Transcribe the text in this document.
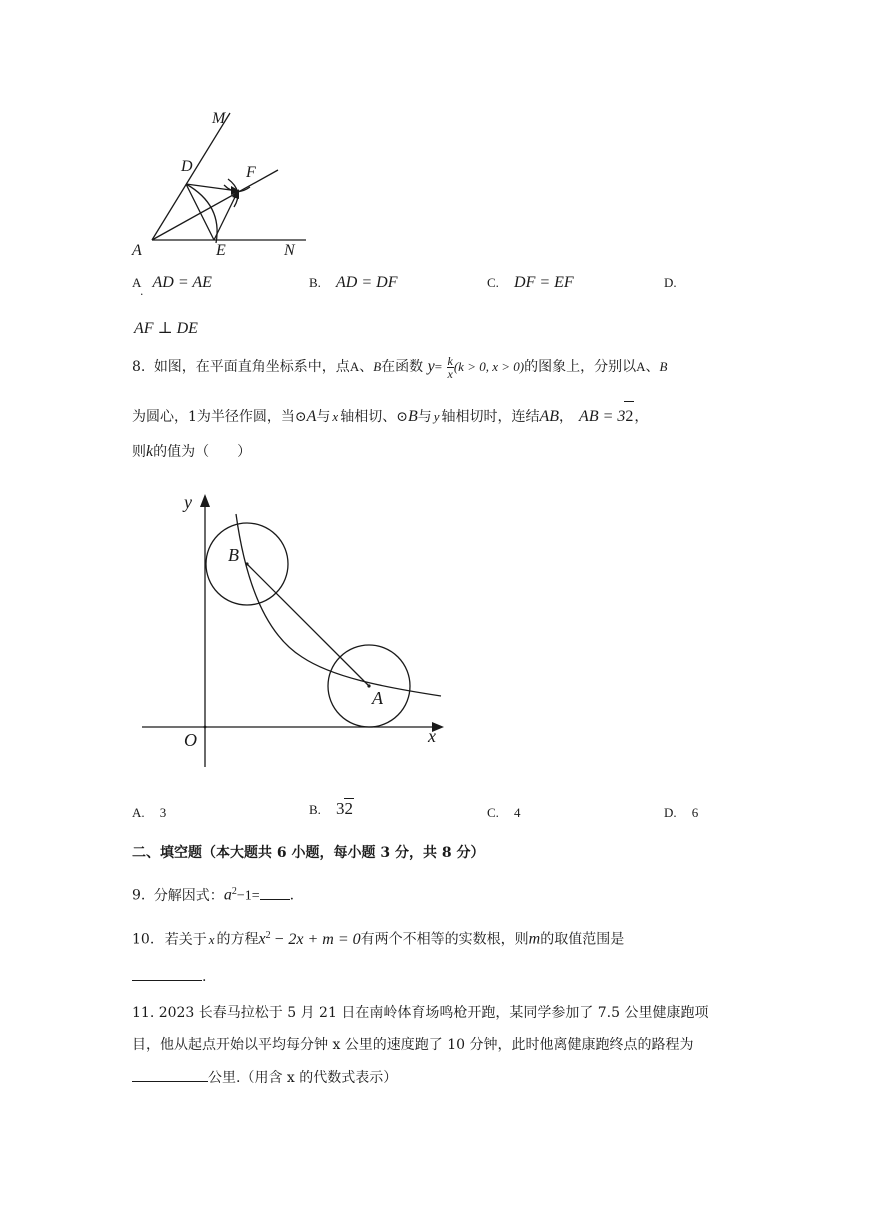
M
D	F
A	E	N
A AD = AE
·
B. AD = DF	C. DF = EF	D.
AF ⊥ DE
8. 如图，在平面直角坐标系中，点A、B在函数 $y= \frac{k}{x} (k > 0$, x > 0)的图象上，分别以A、B
为圆心，1为半径作圆，当⊙A与 x 轴相切、⊙B与 y 轴相切时，连结AB， AB = 32，
则k的值为（　　）
y
x
O
B
A
A. 3	B. 32	C. 4	D. 6
二、填空题（本大题共 6 小题，每小题 3 分，共 8 分）
9. 分解因式：$a^2-1=$ .
10. 若关于 x 的方程$x^2 - 2x + m = 0$有两个不相等的实数根，则m的取值范围是
.
11. 2023 长春马拉松于 5 月 21 日在南岭体育场鸣枪开跑，某同学参加了 7.5 公里健康跑项
目，他从起点开始以平均每分钟 x 公里的速度跑了 10 分钟，此时他离健康跑终点的路程为
公里.（用含 x 的代数式表示）
